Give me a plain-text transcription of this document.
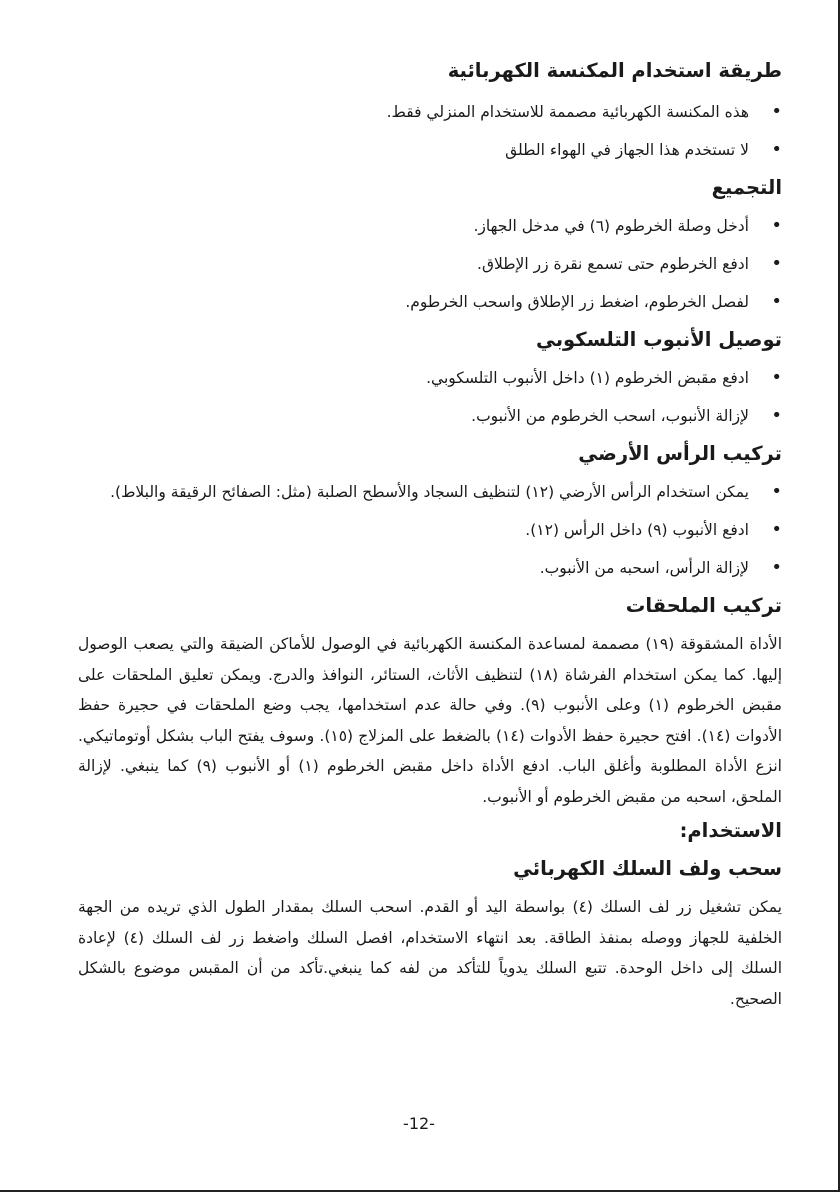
طريقة استخدام المكنسة الكهربائية
• هذه المكنسة الكهربائية مصممة للاستخدام المنزلي فقط.
• لا تستخدم هذا الجهاز في الهواء الطلق
التجميع
• أدخل وصلة الخرطوم (٦) في مدخل الجهاز.
• ادفع الخرطوم حتى تسمع نقرة زر الإطلاق.
• لفصل الخرطوم، اضغط زر الإطلاق واسحب الخرطوم.
توصيل الأنبوب التلسكوبي
• ادفع مقبض الخرطوم (١) داخل الأنبوب التلسكوبي.
• لإزالة الأنبوب، اسحب الخرطوم من الأنبوب.
تركيب الرأس الأرضي
• يمكن استخدام الرأس الأرضي (١٢) لتنظيف السجاد والأسطح الصلبة (مثل: الصفائح الرقيقة والبلاط).
• ادفع الأنبوب (٩) داخل الرأس (١٢).
• لإزالة الرأس، اسحبه من الأنبوب.
تركيب الملحقات

الأداة المشقوقة (١٩) مصممة لمساعدة المكنسة الكهربائية في الوصول للأماكن الضيقة والتي يصعب الوصول إليها. كما يمكن استخدام الفرشاة (١٨) لتنظيف الأثاث، الستائر، النوافذ والدرج. ويمكن تعليق الملحقات على مقبض الخرطوم (١) وعلى الأنبوب (٩). وفي حالة عدم استخدامها، يجب وضع الملحقات في حجيرة حفظ الأدوات (١٤). افتح حجيرة حفظ الأدوات (١٤) بالضغط على المزلاج (١٥). وسوف يفتح الباب بشكل أوتوماتيكي. انزع الأداة المطلوبة وأغلق الباب. ادفع الأداة داخل مقبض الخرطوم (١) أو الأنبوب (٩) كما ينبغي. لإزالة الملحق، اسحبه من مقبض الخرطوم أو الأنبوب.

الاستخدام:
سحب ولف السلك الكهربائي

يمكن تشغيل زر لف السلك (٤) بواسطة اليد أو القدم. اسحب السلك بمقدار الطول الذي تريده من الجهة الخلفية للجهاز ووصله بمنفذ الطاقة. بعد انتهاء الاستخدام، افصل السلك واضغط زر لف السلك (٤) لإعادة السلك إلى داخل الوحدة. تتبع السلك يدوياً للتأكد من لفه كما ينبغي.تأكد من أن المقبس موضوع بالشكل الصحيح.

-12-
